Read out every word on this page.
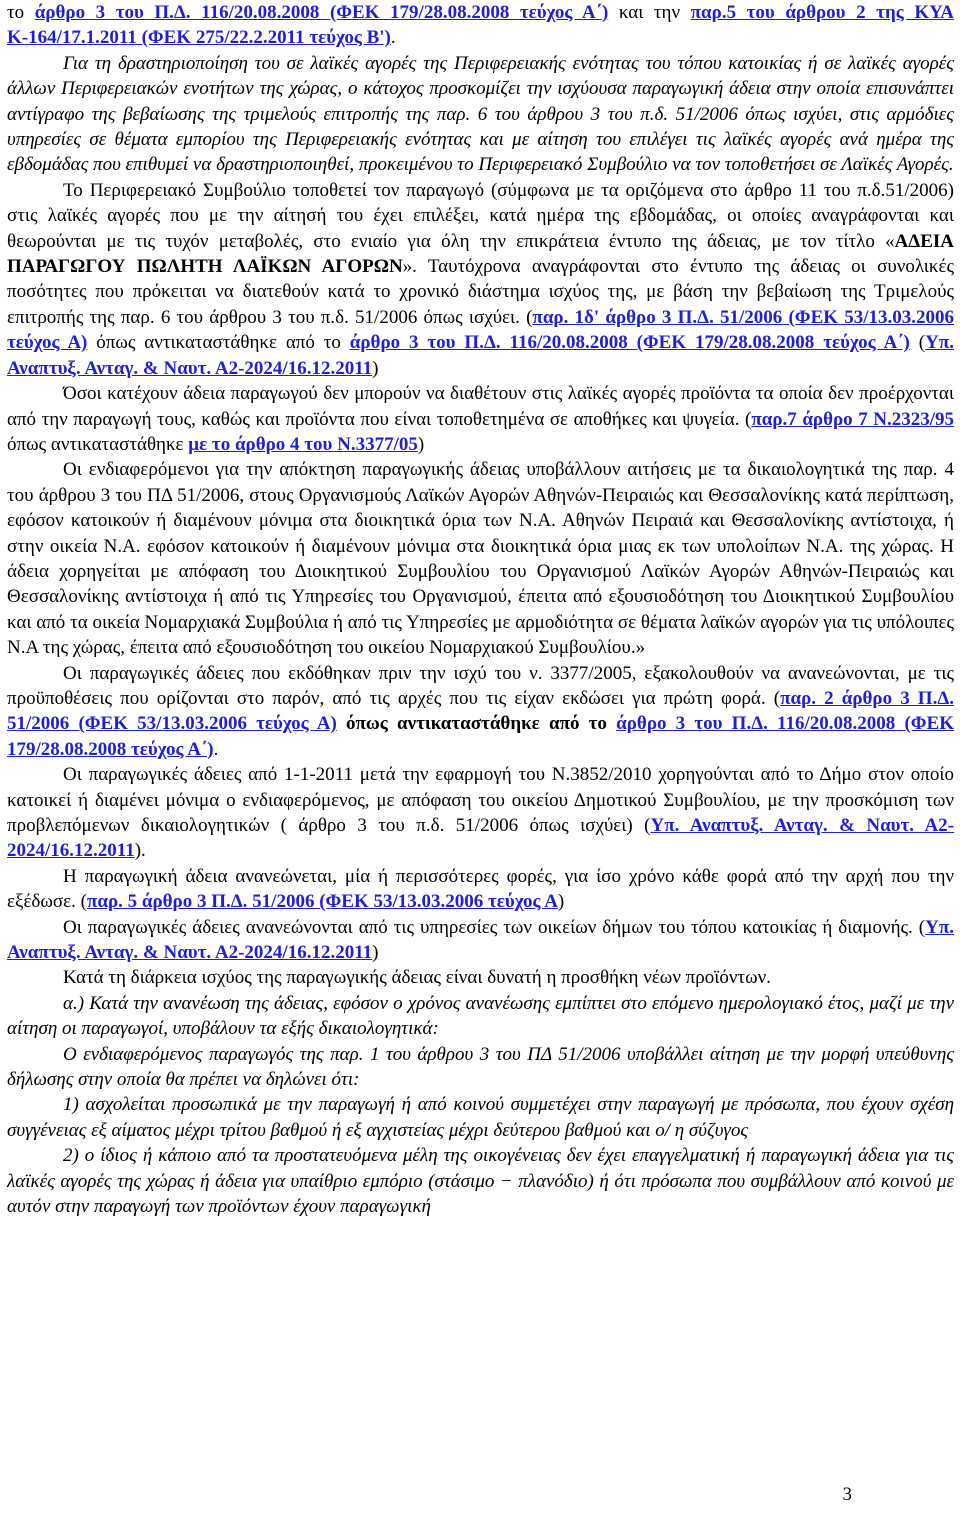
το άρθρο 3 του Π.Δ. 116/20.08.2008 (ΦΕΚ 179/28.08.2008 τεύχος Α΄) και την παρ.5 του άρθρου 2 της ΚΥΑ Κ-164/17.1.2011 (ΦΕΚ 275/22.2.2011 τεύχος Β').

Για τη δραστηριοποίηση του σε λαϊκές αγορές της Περιφερειακής ενότητας του τόπου κατοικίας ή σε λαϊκές αγορές άλλων Περιφερειακών ενοτήτων της χώρας, ο κάτοχος προσκομίζει την ισχύουσα παραγωγική άδεια στην οποία επισυνάπτει αντίγραφο της βεβαίωσης της τριμελούς επιτροπής της παρ. 6 του άρθρου 3 του π.δ. 51/2006 όπως ισχύει, στις αρμόδιες υπηρεσίες σε θέματα εμπορίου της Περιφερειακής ενότητας και με αίτηση του επιλέγει τις λαϊκές αγορές ανά ημέρα της εβδομάδας που επιθυμεί να δραστηριοποιηθεί, προκειμένου το Περιφερειακό Συμβούλιο να τον τοποθετήσει σε Λαϊκές Αγορές.

Το Περιφερειακό Συμβούλιο τοποθετεί τον παραγωγό (σύμφωνα με τα οριζόμενα στο άρθρο 11 του π.δ.51/2006) στις λαϊκές αγορές που με την αίτησή του έχει επιλέξει, κατά ημέρα της εβδομάδας, οι οποίες αναγράφονται και θεωρούνται με τις τυχόν μεταβολές, στο ενιαίο για όλη την επικράτεια έντυπο της άδειας, με τον τίτλο «ΑΔΕΙΑ ΠΑΡΑΓΩΓΟΥ ΠΩΛΗΤΗ ΛΑΪΚΩΝ ΑΓΟΡΩΝ». Ταυτόχρονα αναγράφονται στο έντυπο της άδειας οι συνολικές ποσότητες που πρόκειται να διατεθούν κατά το χρονικό διάστημα ισχύος της, με βάση την βεβαίωση της Τριμελούς επιτροπής της παρ. 6 του άρθρου 3 του π.δ. 51/2006 όπως ισχύει. (παρ. 1δ' άρθρο 3 Π.Δ. 51/2006 (ΦΕΚ 53/13.03.2006 τεύχος Α) όπως αντικαταστάθηκε από το άρθρο 3 του Π.Δ. 116/20.08.2008 (ΦΕΚ 179/28.08.2008 τεύχος Α΄) (Υπ. Αναπτυξ. Ανταγ. & Ναυτ. Α2-2024/16.12.2011)

Όσοι κατέχουν άδεια παραγωγού δεν μπορούν να διαθέτουν στις λαϊκές αγορές προϊόντα τα οποία δεν προέρχονται από την παραγωγή τους, καθώς και προϊόντα που είναι τοποθετημένα σε αποθήκες και ψυγεία. (παρ.7 άρθρο 7 Ν.2323/95 όπως αντικαταστάθηκε με το άρθρο 4 του Ν.3377/05)

Οι ενδιαφερόμενοι για την απόκτηση παραγωγικής άδειας υποβάλλουν αιτήσεις με τα δικαιολογητικά της παρ. 4 του άρθρου 3 του ΠΔ 51/2006, στους Οργανισμούς Λαϊκών Αγορών Αθηνών-Πειραιώς και Θεσσαλονίκης κατά περίπτωση, εφόσον κατοικούν ή διαμένουν μόνιμα στα διοικητικά όρια των Ν.Α. Αθηνών Πειραιά και Θεσσαλονίκης αντίστοιχα, ή στην οικεία Ν.Α. εφόσον κατοικούν ή διαμένουν μόνιμα στα διοικητικά όρια μιας εκ των υπολοίπων Ν.Α. της χώρας. Η άδεια χορηγείται με απόφαση του Διοικητικού Συμβουλίου του Οργανισμού Λαϊκών Αγορών Αθηνών-Πειραιώς και Θεσσαλονίκης αντίστοιχα ή από τις Υπηρεσίες του Οργανισμού, έπειτα από εξουσιοδότηση του Διοικητικού Συμβουλίου και από τα οικεία Νομαρχιακά Συμβούλια ή από τις Υπηρεσίες με αρμοδιότητα σε θέματα λαϊκών αγορών για τις υπόλοιπες Ν.Α της χώρας, έπειτα από εξουσιοδότηση του οικείου Νομαρχιακού Συμβουλίου.»

Οι παραγωγικές άδειες που εκδόθηκαν πριν την ισχύ του ν. 3377/2005, εξακολουθούν να ανανεώνονται, με τις προϋποθέσεις που ορίζονται στο παρόν, από τις αρχές που τις είχαν εκδώσει για πρώτη φορά. (παρ. 2 άρθρο 3 Π.Δ. 51/2006 (ΦΕΚ 53/13.03.2006 τεύχος Α) όπως αντικαταστάθηκε από το άρθρο 3 του Π.Δ. 116/20.08.2008 (ΦΕΚ 179/28.08.2008 τεύχος Α΄).

Οι παραγωγικές άδειες από 1-1-2011 μετά την εφαρμογή του Ν.3852/2010 χορηγούνται από το Δήμο στον οποίο κατοικεί ή διαμένει μόνιμα ο ενδιαφερόμενος, με απόφαση του οικείου Δημοτικού Συμβουλίου, με την προσκόμιση των προβλεπόμενων δικαιολογητικών ( άρθρο 3 του π.δ. 51/2006 όπως ισχύει) (Υπ. Αναπτυξ. Ανταγ. & Ναυτ. Α2-2024/16.12.2011).

Η παραγωγική άδεια ανανεώνεται, μία ή περισσότερες φορές, για ίσο χρόνο κάθε φορά από την αρχή που την εξέδωσε. (παρ. 5 άρθρο 3 Π.Δ. 51/2006 (ΦΕΚ 53/13.03.2006 τεύχος Α)

Οι παραγωγικές άδειες ανανεώνονται από τις υπηρεσίες των οικείων δήμων του τόπου κατοικίας ή διαμονής. (Υπ. Αναπτυξ. Ανταγ. & Ναυτ. Α2-2024/16.12.2011)

Κατά τη διάρκεια ισχύος της παραγωγικής άδειας είναι δυνατή η προσθήκη νέων προϊόντων.

α.) Κατά την ανανέωση της άδειας, εφόσον ο χρόνος ανανέωσης εμπίπτει στο επόμενο ημερολογιακό έτος, μαζί με την αίτηση οι παραγωγοί, υποβάλουν τα εξής δικαιολογητικά:

Ο ενδιαφερόμενος παραγωγός της παρ. 1 του άρθρου 3 του ΠΔ 51/2006 υποβάλλει αίτηση με την μορφή υπεύθυνης δήλωσης στην οποία θα πρέπει να δηλώνει ότι:

1) ασχολείται προσωπικά με την παραγωγή ή από κοινού συμμετέχει στην παραγωγή με πρόσωπα, που έχουν σχέση συγγένειας εξ αίματος μέχρι τρίτου βαθμού ή εξ αγχιστείας μέχρι δεύτερου βαθμού και ο/ η σύζυγος

2) ο ίδιος ή κάποιο από τα προστατευόμενα μέλη της οικογένειας δεν έχει επαγγελματική ή παραγωγική άδεια για τις λαϊκές αγορές της χώρας ή άδεια για υπαίθριο εμπόριο (στάσιμο − πλανόδιο) ή ότι πρόσωπα που συμβάλλουν από κοινού με αυτόν στην παραγωγή των προϊόντων έχουν παραγωγική

3
